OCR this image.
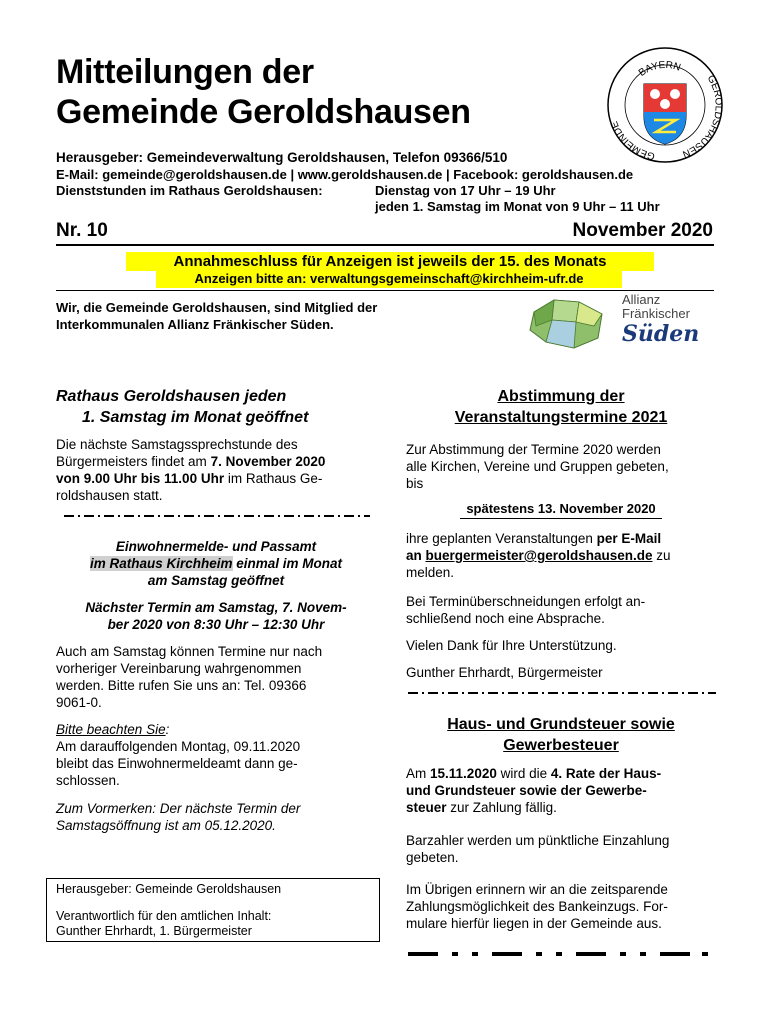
Mitteilungen der
Gemeinde Geroldshausen
BAYERN
GEMEINDE
GEROLDSHAUSEN
Herausgeber: Gemeindeverwaltung Geroldshausen, Telefon 09366/510
E-Mail: gemeinde@geroldshausen.de | www.geroldshausen.de | Facebook: geroldshausen.de
Dienststunden im Rathaus Geroldshausen:	Dienstag von 17 Uhr – 19 Uhr
jeden 1. Samstag im Monat von 9 Uhr – 11 Uhr
Nr. 10	November 2020
Annahmeschluss für Anzeigen ist jeweils der 15. des Monats
Anzeigen bitte an: verwaltungsgemeinschaft@kirchheim-ufr.de
Wir, die Gemeinde Geroldshausen, sind Mitglied der
Interkommunalen Allianz Fränkischer Süden.
Allianz
Fränkischer
Süden
Rathaus Geroldshausen jeden
1. Samstag im Monat geöffnet
Die nächste Samstagssprechstunde des
Bürgermeisters findet am 7. November 2020
von 9.00 Uhr bis 11.00 Uhr im Rathaus Ge-
roldshausen statt.
Einwohnermelde- und Passamt
im Rathaus Kirchheim einmal im Monat
am Samstag geöffnet
Nächster Termin am Samstag, 7. Novem-
ber 2020 von 8:30 Uhr – 12:30 Uhr
Auch am Samstag können Termine nur nach
vorheriger Vereinbarung wahrgenommen
werden. Bitte rufen Sie uns an: Tel. 09366
9061-0.
Bitte beachten Sie:
Am darauffolgenden Montag, 09.11.2020
bleibt das Einwohnermeldeamt dann ge-
schlossen.
Zum Vormerken: Der nächste Termin der
Samstagsöffnung ist am 05.12.2020.
Herausgeber: Gemeinde Geroldshausen
Verantwortlich für den amtlichen Inhalt:
Gunther Ehrhardt, 1. Bürgermeister
Abstimmung der
Veranstaltungstermine 2021
Zur Abstimmung der Termine 2020 werden
alle Kirchen, Vereine und Gruppen gebeten,
bis
spätestens 13. November 2020
ihre geplanten Veranstaltungen per E-Mail
an buergermeister@geroldshausen.de zu
melden.
Bei Terminüberschneidungen erfolgt an-
schließend noch eine Absprache.
Vielen Dank für Ihre Unterstützung.
Gunther Ehrhardt, Bürgermeister
Haus- und Grundsteuer sowie
Gewerbesteuer
Am 15.11.2020 wird die 4. Rate der Haus-
und Grundsteuer sowie der Gewerbe-
steuer zur Zahlung fällig.
Barzahler werden um pünktliche Einzahlung
gebeten.
Im Übrigen erinnern wir an die zeitsparende
Zahlungsmöglichkeit des Bankeinzugs. For-
mulare hierfür liegen in der Gemeinde aus.
